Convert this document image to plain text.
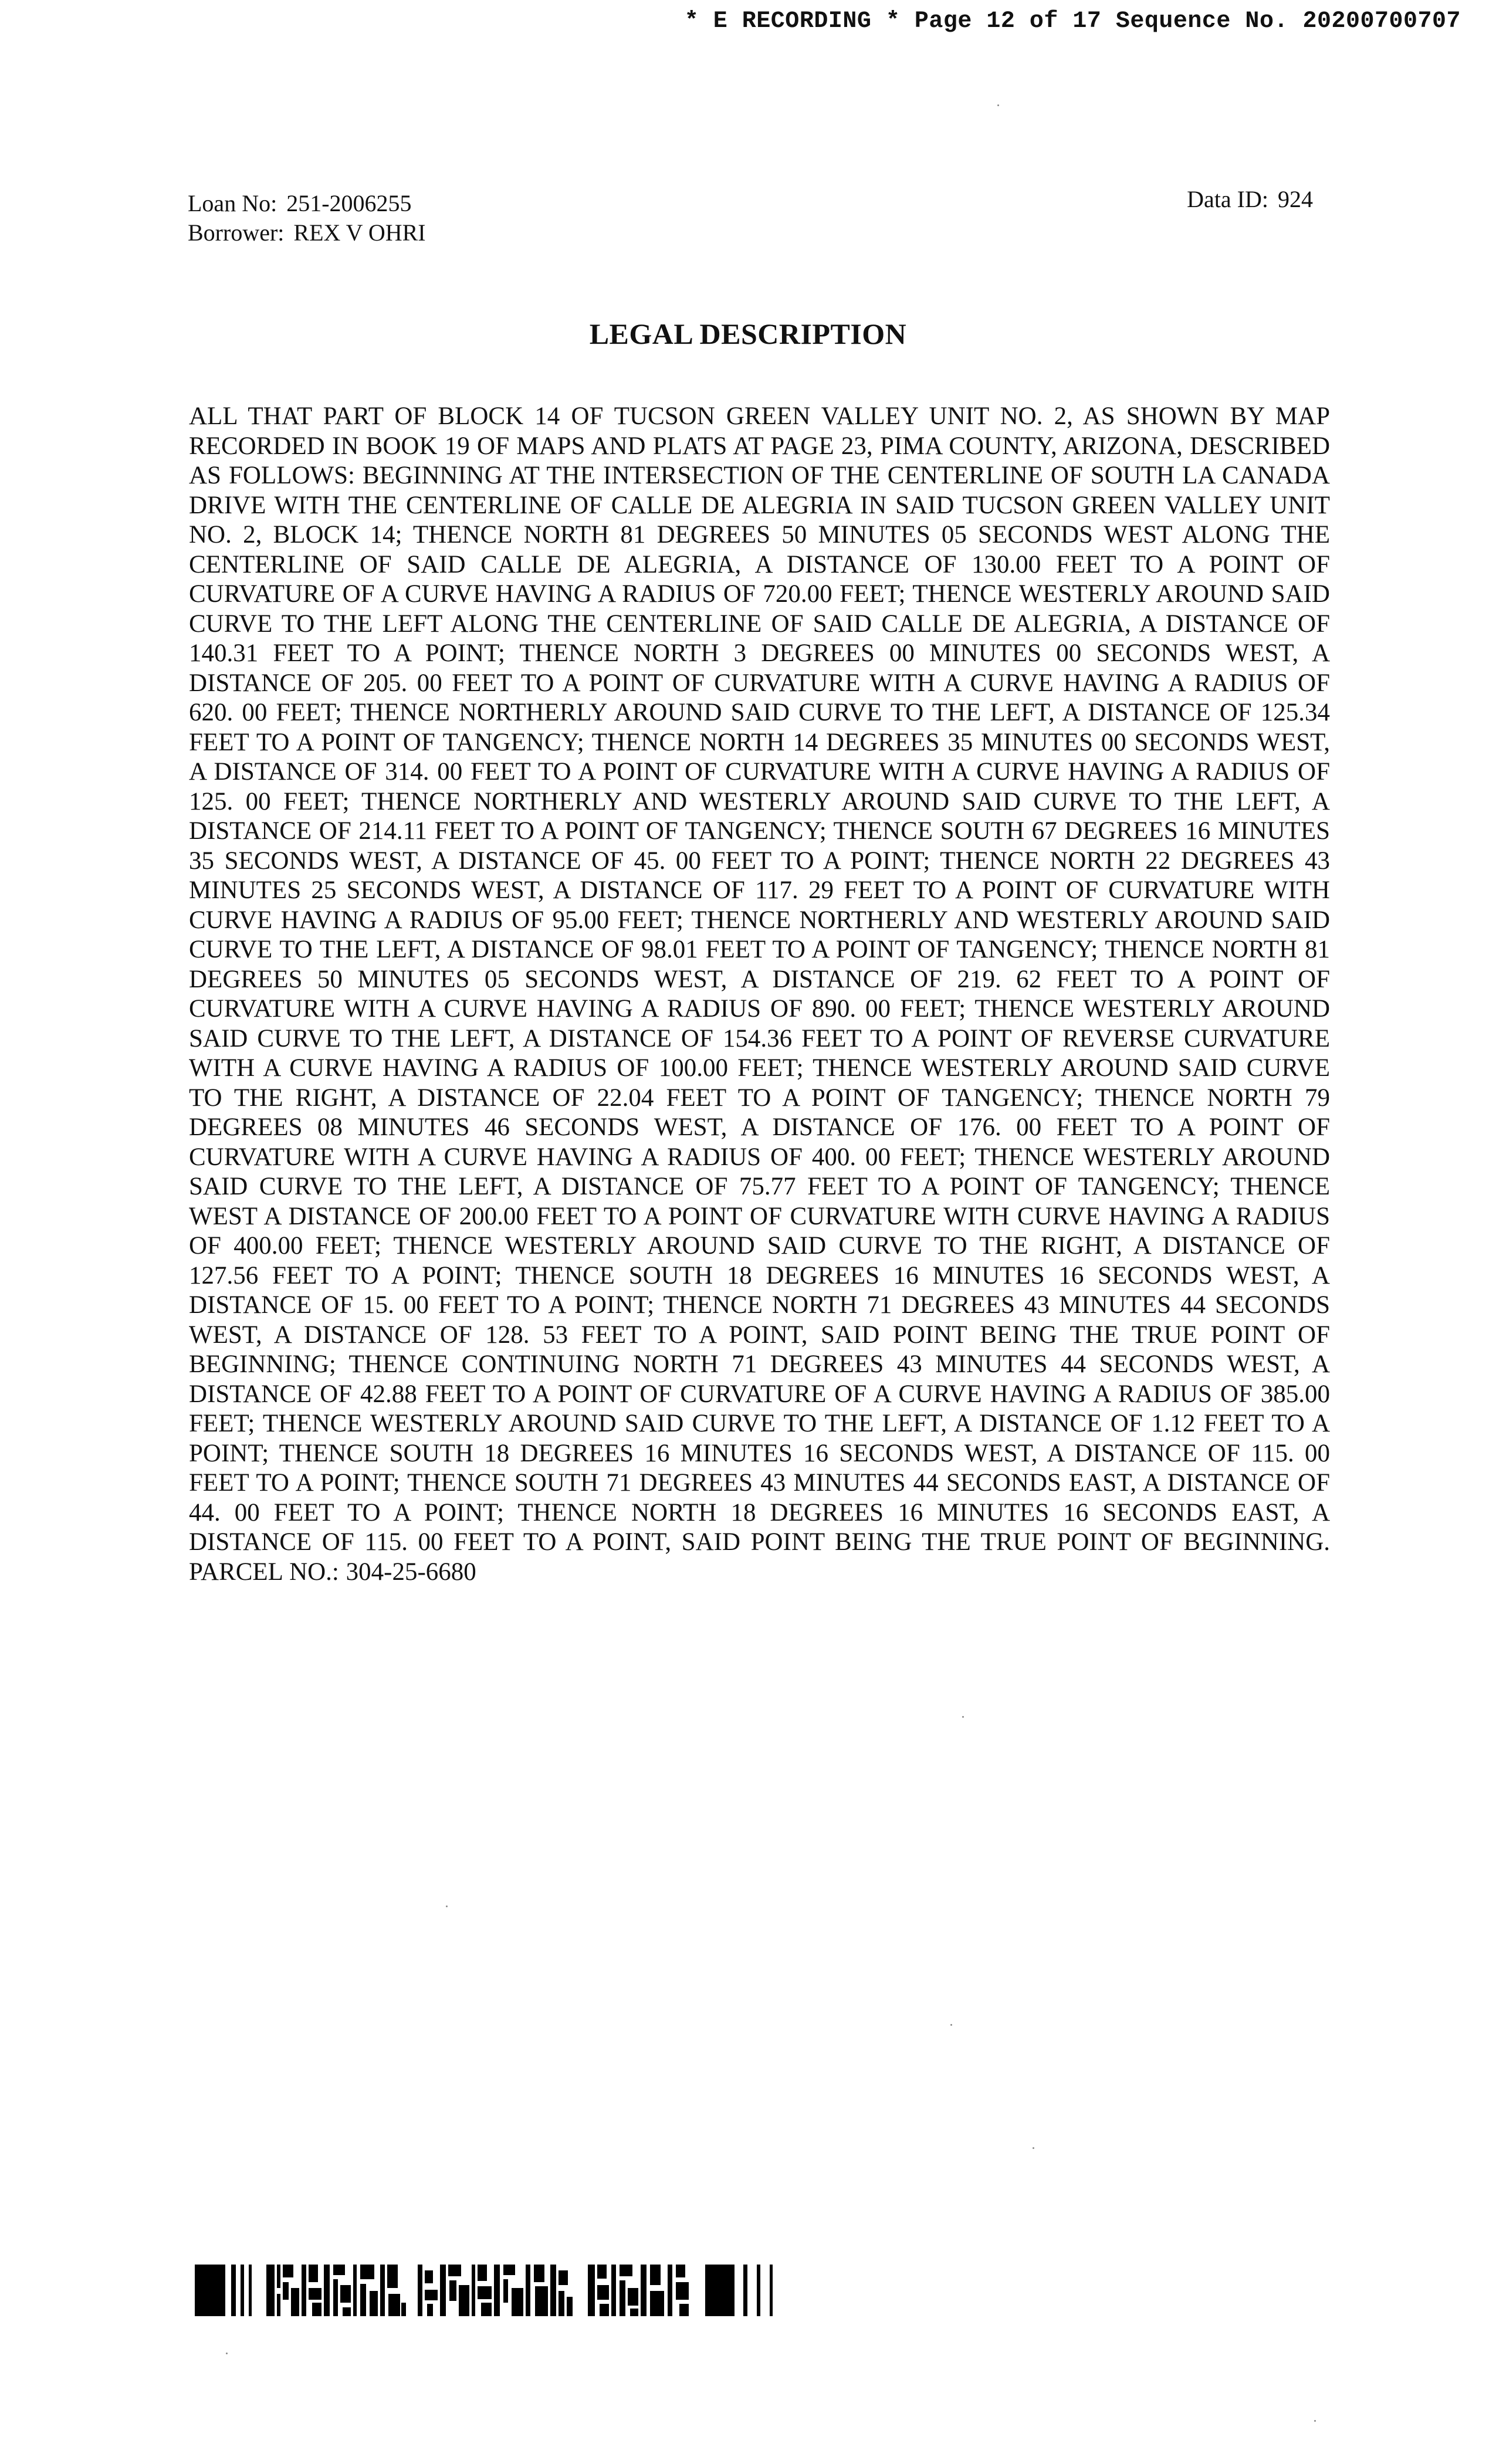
* E RECORDING * Page 12 of 17 Sequence No. 20200700707
Loan No: 251-2006255
Borrower: REX V OHRI
Data ID: 924
LEGAL DESCRIPTION
ALL THAT PART OF BLOCK 14 OF TUCSON GREEN VALLEY UNIT NO. 2, AS SHOWN BY MAP RECORDED IN BOOK 19 OF MAPS AND PLATS AT PAGE 23, PIMA COUNTY, ARIZONA, DESCRIBED AS FOLLOWS: BEGINNING AT THE INTERSECTION OF THE CENTERLINE OF SOUTH LA CANADA DRIVE WITH THE CENTERLINE OF CALLE DE ALEGRIA IN SAID TUCSON GREEN VALLEY UNIT NO. 2, BLOCK 14; THENCE NORTH 81 DEGREES 50 MINUTES 05 SECONDS WEST ALONG THE CENTERLINE OF SAID CALLE DE ALEGRIA, A DISTANCE OF 130.00 FEET TO A POINT OF CURVATURE OF A CURVE HAVING A RADIUS OF 720.00 FEET; THENCE WESTERLY AROUND SAID CURVE TO THE LEFT ALONG THE CENTERLINE OF SAID CALLE DE ALEGRIA, A DISTANCE OF 140.31 FEET TO A POINT; THENCE NORTH 3 DEGREES 00 MINUTES 00 SECONDS WEST, A DISTANCE OF 205. 00 FEET TO A POINT OF CURVATURE WITH A CURVE HAVING A RADIUS OF 620. 00 FEET; THENCE NORTHERLY AROUND SAID CURVE TO THE LEFT, A DISTANCE OF 125.34 FEET TO A POINT OF TANGENCY; THENCE NORTH 14 DEGREES 35 MINUTES 00 SECONDS WEST, A DISTANCE OF 314. 00 FEET TO A POINT OF CURVATURE WITH A CURVE HAVING A RADIUS OF 125. 00 FEET; THENCE NORTHERLY AND WESTERLY AROUND SAID CURVE TO THE LEFT, A DISTANCE OF 214.11 FEET TO A POINT OF TANGENCY; THENCE SOUTH 67 DEGREES 16 MINUTES 35 SECONDS WEST, A DISTANCE OF 45. 00 FEET TO A POINT; THENCE NORTH 22 DEGREES 43 MINUTES 25 SECONDS WEST, A DISTANCE OF 117. 29 FEET TO A POINT OF CURVATURE WITH CURVE HAVING A RADIUS OF 95.00 FEET; THENCE NORTHERLY AND WESTERLY AROUND SAID CURVE TO THE LEFT, A DISTANCE OF 98.01 FEET TO A POINT OF TANGENCY; THENCE NORTH 81 DEGREES 50 MINUTES 05 SECONDS WEST, A DISTANCE OF 219. 62 FEET TO A POINT OF CURVATURE WITH A CURVE HAVING A RADIUS OF 890. 00 FEET; THENCE WESTERLY AROUND SAID CURVE TO THE LEFT, A DISTANCE OF 154.36 FEET TO A POINT OF REVERSE CURVATURE WITH A CURVE HAVING A RADIUS OF 100.00 FEET; THENCE WESTERLY AROUND SAID CURVE TO THE RIGHT, A DISTANCE OF 22.04 FEET TO A POINT OF TANGENCY; THENCE NORTH 79 DEGREES 08 MINUTES 46 SECONDS WEST, A DISTANCE OF 176. 00 FEET TO A POINT OF CURVATURE WITH A CURVE HAVING A RADIUS OF 400. 00 FEET; THENCE WESTERLY AROUND SAID CURVE TO THE LEFT, A DISTANCE OF 75.77 FEET TO A POINT OF TANGENCY; THENCE WEST A DISTANCE OF 200.00 FEET TO A POINT OF CURVATURE WITH CURVE HAVING A RADIUS OF 400.00 FEET; THENCE WESTERLY AROUND SAID CURVE TO THE RIGHT, A DISTANCE OF 127.56 FEET TO A POINT; THENCE SOUTH 18 DEGREES 16 MINUTES 16 SECONDS WEST, A DISTANCE OF 15. 00 FEET TO A POINT; THENCE NORTH 71 DEGREES 43 MINUTES 44 SECONDS WEST, A DISTANCE OF 128. 53 FEET TO A POINT, SAID POINT BEING THE TRUE POINT OF BEGINNING; THENCE CONTINUING NORTH 71 DEGREES 43 MINUTES 44 SECONDS WEST, A DISTANCE OF 42.88 FEET TO A POINT OF CURVATURE OF A CURVE HAVING A RADIUS OF 385.00 FEET; THENCE WESTERLY AROUND SAID CURVE TO THE LEFT, A DISTANCE OF 1.12 FEET TO A POINT; THENCE SOUTH 18 DEGREES 16 MINUTES 16 SECONDS WEST, A DISTANCE OF 115. 00 FEET TO A POINT; THENCE SOUTH 71 DEGREES 43 MINUTES 44 SECONDS EAST, A DISTANCE OF 44. 00 FEET TO A POINT; THENCE NORTH 18 DEGREES 16 MINUTES 16 SECONDS EAST, A DISTANCE OF 115. 00 FEET TO A POINT, SAID POINT BEING THE TRUE POINT OF BEGINNING. PARCEL NO.: 304-25-6680
